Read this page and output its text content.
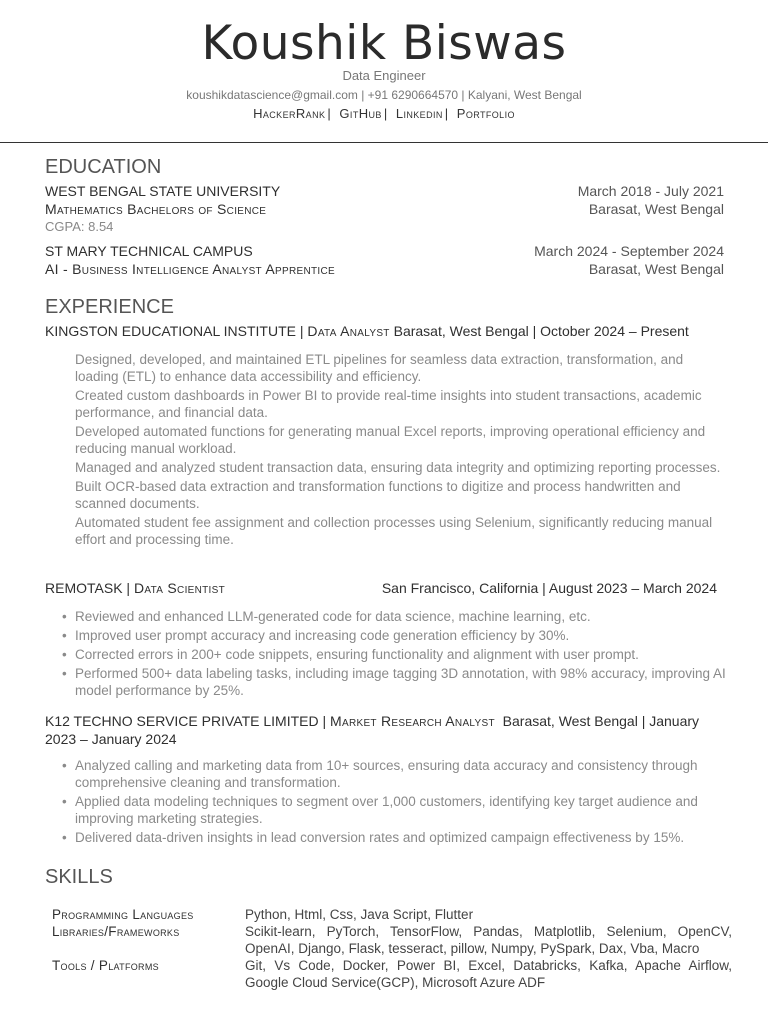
Koushik Biswas
Data Engineer
koushikdatascience@gmail.com | +91 6290664570 | Kalyani, West Bengal
HackerRank | GitHub | Linkedin | Portfolio
EDUCATION
WEST BENGAL STATE UNIVERSITY	March 2018 - July 2021
Mathematics Bachelors of Science	Barasat, West Bengal
CGPA: 8.54
ST MARY TECHNICAL CAMPUS	March 2024 - September 2024
AI - Business Intelligence Analyst Apprentice	Barasat, West Bengal
EXPERIENCE
KINGSTON EDUCATIONAL INSTITUTE | Data Analyst Barasat, West Bengal | October 2024 – Present
Designed, developed, and maintained ETL pipelines for seamless data extraction, transformation, and loading (ETL) to enhance data accessibility and efficiency.
Created custom dashboards in Power BI to provide real-time insights into student transactions, academic performance, and financial data.
Developed automated functions for generating manual Excel reports, improving operational efficiency and reducing manual workload.
Managed and analyzed student transaction data, ensuring data integrity and optimizing reporting processes.
Built OCR-based data extraction and transformation functions to digitize and process handwritten and scanned documents.
Automated student fee assignment and collection processes using Selenium, significantly reducing manual effort and processing time.
REMOTASK | Data Scientist	San Francisco, California | August 2023 – March 2024
• Reviewed and enhanced LLM-generated code for data science, machine learning, etc.
• Improved user prompt accuracy and increasing code generation efficiency by 30%.
• Corrected errors in 200+ code snippets, ensuring functionality and alignment with user prompt.
• Performed 500+ data labeling tasks, including image tagging 3D annotation, with 98% accuracy, improving AI model performance by 25%.
K12 TECHNO SERVICE PRIVATE LIMITED | Market Research Analyst Barasat, West Bengal | January 2023 – January 2024
• Analyzed calling and marketing data from 10+ sources, ensuring data accuracy and consistency through comprehensive cleaning and transformation.
• Applied data modeling techniques to segment over 1,000 customers, identifying key target audience and improving marketing strategies.
• Delivered data-driven insights in lead conversion rates and optimized campaign effectiveness by 15%.
SKILLS
Programming Languages	Python, Html, Css, Java Script, Flutter
Libraries/Frameworks	Scikit-learn, PyTorch, TensorFlow, Pandas, Matplotlib, Selenium, OpenCV, OpenAI, Django, Flask, tesseract, pillow, Numpy, PySpark, Dax, Vba, Macro
Tools / Platforms	Git, Vs Code, Docker, Power BI, Excel, Databricks, Kafka, Apache Airflow, Google Cloud Service(GCP), Microsoft Azure ADF
